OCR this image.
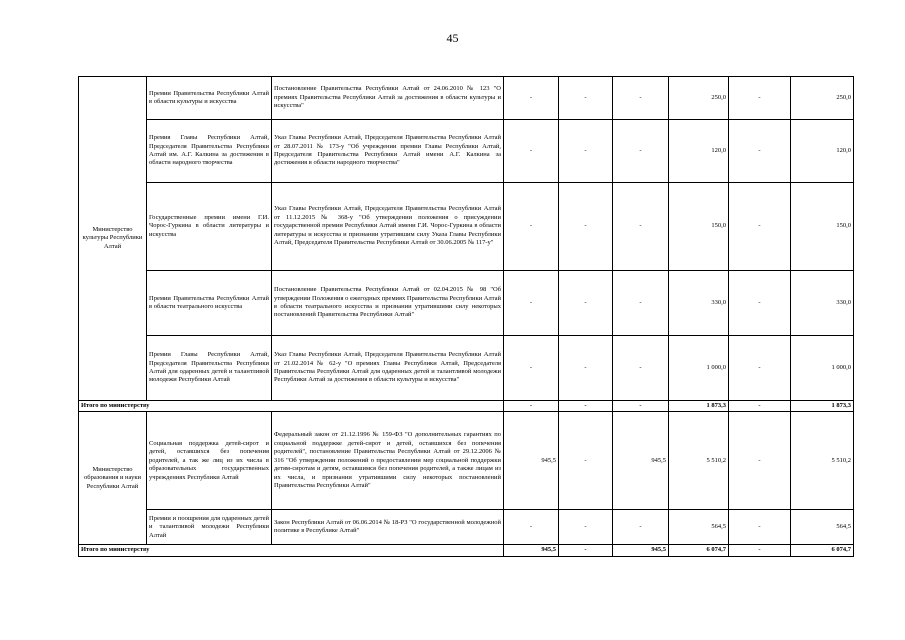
45
Министерство культуры Республики Алтай	Премии Правительства Республики Алтай в области культуры и искусства	Постановление Правительства Республики Алтай от 24.06.2010 № 123 "О премиях Правительства Республики Алтай за достижения в области культуры и искусства"	-	-	-	250,0	-	250,0
	Премия Главы Республики Алтай, Председателя Правительства Республики Алтай им. А.Г. Калкина за достижения в области народного творчества	Указ Главы Республики Алтай, Председателя Правительства Республики Алтай от 28.07.2011 № 173-у "Об учреждении премии Главы Республики Алтай, Председателя Правительства Республики Алтай имени А.Г. Калкина за достижения в области народного творчества"	-	-	-	120,0	-	120,0
	Государственные премии имени Г.И. Чорос-Гуркина в области литературы и искусства	Указ Главы Республики Алтай, Председателя Правительства Республики Алтай от 11.12.2015 № 368-у "Об утверждении положения о присуждении государственной премии Республики Алтай имени Г.И. Чорос-Гуркина в области литературы и искусства и признании утратившим силу Указа Главы Республики Алтай, Председателя Правительства Республики Алтай от 30.06.2005 № 117-у"	-	-	-	150,0	-	150,0
	Премии Правительства Республики Алтай в области театрального искусства	Постановление Правительства Республики Алтай от 02.04.2015 № 98 "Об утверждении Положения о ежегодных премиях Правительства Республики Алтай в области театрального искусства и признании утратившими силу некоторых постановлений Правительства Республики Алтай"	-	-	-	330,0	-	330,0
	Премии Главы Республики Алтай, Председателя Правительства Республики Алтай для одаренных детей и талантливой молодежи Республики Алтай	Указ Главы Республики Алтай, Председателя Правительства Республики Алтай от 21.02.2014 № 62-у "О премиях Главы Республики Алтай, Председателя Правительства Республики Алтай для одаренных детей и талантливой молодежи Республики Алтай за достижения в области культуры и искусства"	-	-	-	1 000,0	-	1 000,0
Итого по министерству			-	-	-	1 873,3	-	1 873,3
Министерство образования и науки Республики Алтай	Социальная поддержка детей-сирот и детей, оставшихся без попечения родителей, а так же лиц из их числа в образовательных государственных учреждениях Республики Алтай	Федеральный закон от 21.12.1996 № 159-ФЗ "О дополнительных гарантиях по социальной поддержке детей-сирот и детей, оставшихся без попечения родителей", постановление Правительства Республики Алтай от 29.12.2006 № 316 "Об утверждении положений о предоставлении мер социальной поддержки детям-сиротам и детям, оставшимся без попечения родителей, а также лицам из их числа, и признании утратившими силу некоторых постановлений Правительства Республики Алтай"	945,5	-	945,5	5 510,2	-	5 510,2
	Премии и поощрения для одаренных детей и талантливой молодежи Республики Алтай	Закон Республики Алтай от 06.06.2014 № 18-РЗ "О государственной молодежной политике в Республике Алтай"	-	-	-	564,5	-	564,5
Итого по министерству			945,5	-	945,5	6 074,7	-	6 074,7
